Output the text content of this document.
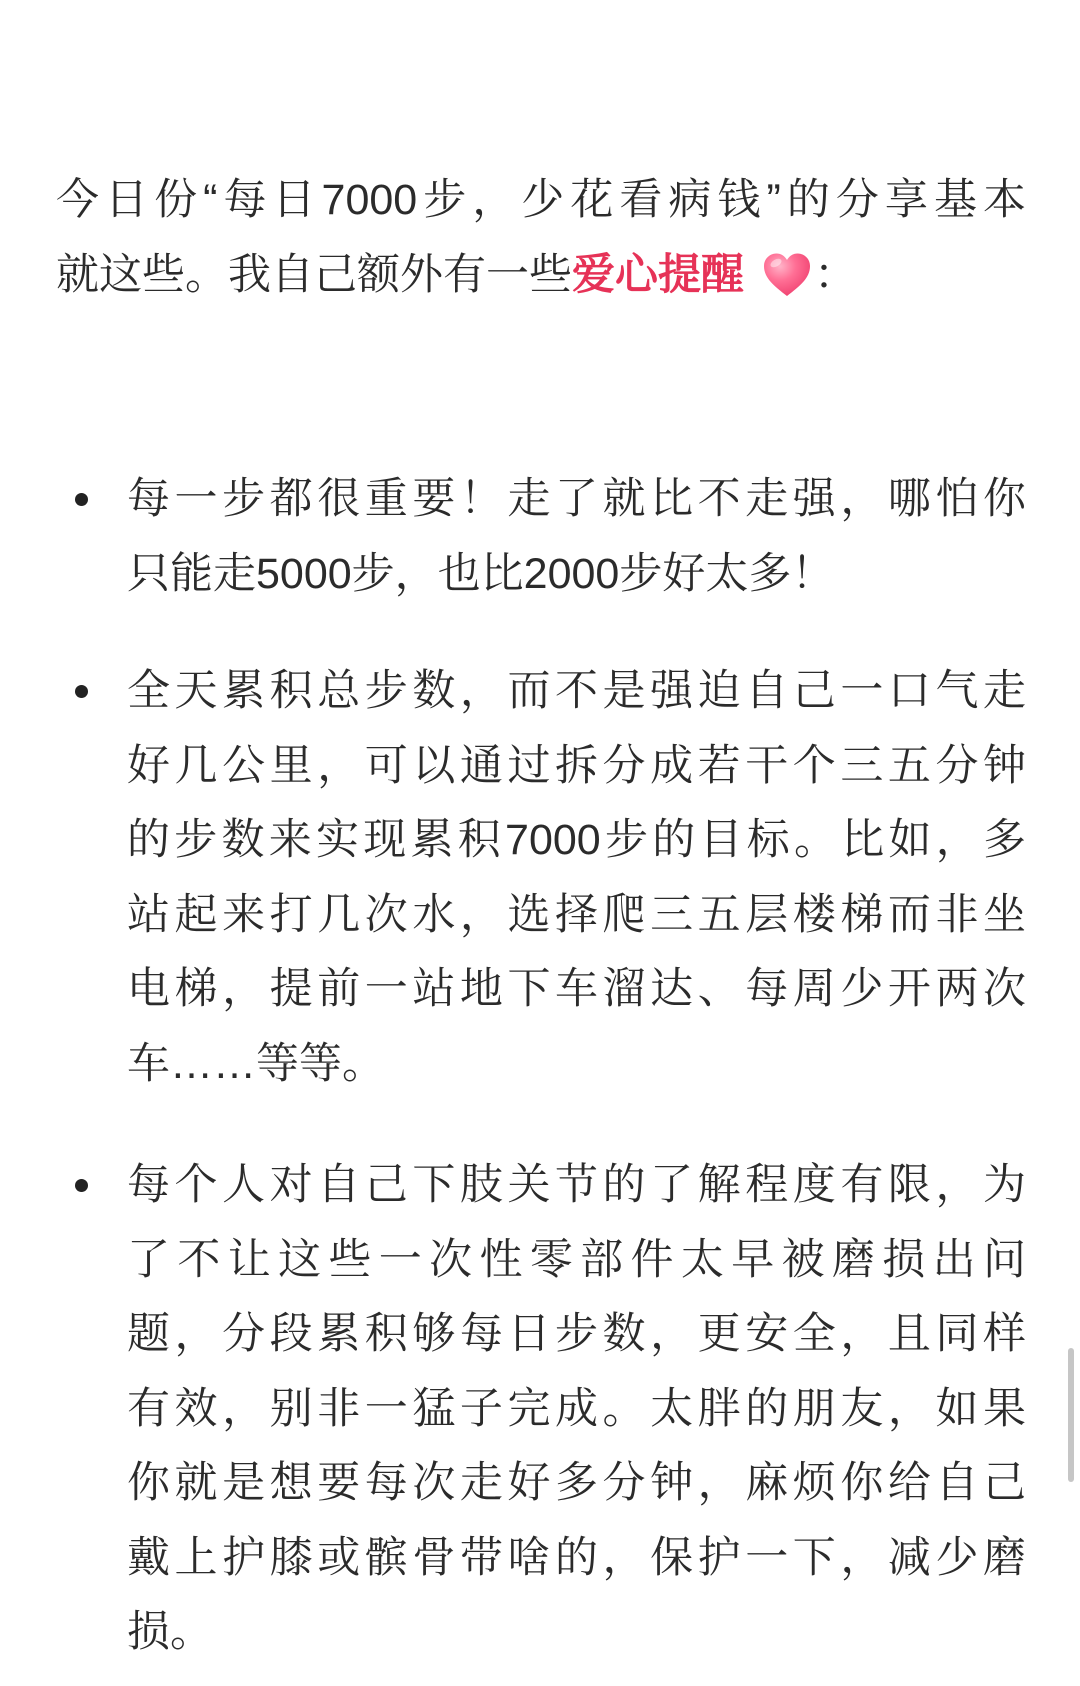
今日份“每日7000步，少花看病钱”的分享基本
就这些。我自己额外有一些爱心提醒 ：
每一步都很重要！走了就比不走强，哪怕你
只能走5000步，也比2000步好太多！
全天累积总步数，而不是强迫自己一口气走
好几公里，可以通过拆分成若干个三五分钟
的步数来实现累积7000步的目标。比如，多
站起来打几次水，选择爬三五层楼梯而非坐
电梯，提前一站地下车溜达、每周少开两次
车……等等。
每个人对自己下肢关节的了解程度有限，为
了不让这些一次性零部件太早被磨损出问
题，分段累积够每日步数，更安全，且同样
有效，别非一猛子完成。太胖的朋友，如果
你就是想要每次走好多分钟，麻烦你给自己
戴上护膝或髌骨带啥的，保护一下，减少磨
损。
